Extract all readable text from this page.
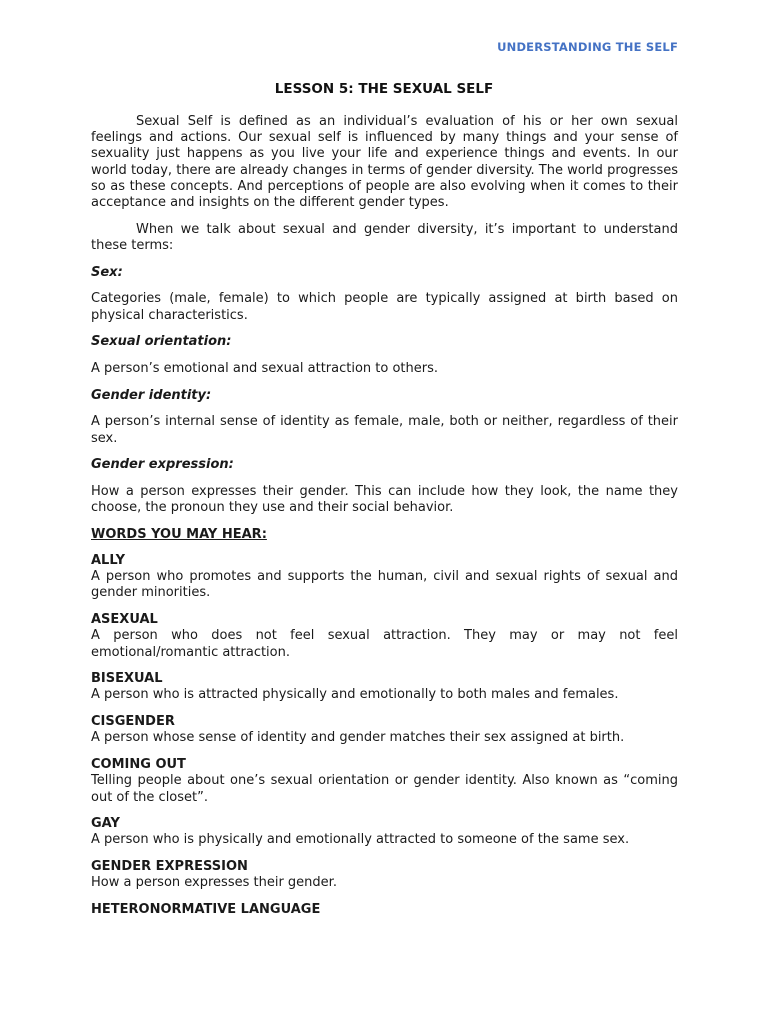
UNDERSTANDING THE SELF
LESSON 5: THE SEXUAL SELF

Sexual Self is defined as an individual’s evaluation of his or her own sexual feelings and actions. Our sexual self is influenced by many things and your sense of sexuality just happens as you live your life and experience things and events. In our world today, there are already changes in terms of gender diversity. The world progresses so as these concepts. And perceptions of people are also evolving when it comes to their acceptance and insights on the different gender types.

When we talk about sexual and gender diversity, it’s important to understand these terms:

Sex:

Categories (male, female) to which people are typically assigned at birth based on physical characteristics.

Sexual orientation:

A person’s emotional and sexual attraction to others.

Gender identity:

A person’s internal sense of identity as female, male, both or neither, regardless of their sex.

Gender expression:

How a person expresses their gender. This can include how they look, the name they choose, the pronoun they use and their social behavior.

WORDS YOU MAY HEAR:
ALLY
A person who promotes and supports the human, civil and sexual rights of sexual and gender minorities.
ASEXUAL
A person who does not feel sexual attraction. They may or may not feel emotional/romantic attraction.
BISEXUAL
A person who is attracted physically and emotionally to both males and females.
CISGENDER
A person whose sense of identity and gender matches their sex assigned at birth.
COMING OUT
Telling people about one’s sexual orientation or gender identity. Also known as “coming out of the closet”.
GAY
A person who is physically and emotionally attracted to someone of the same sex.
GENDER EXPRESSION
How a person expresses their gender.
HETERONORMATIVE LANGUAGE
